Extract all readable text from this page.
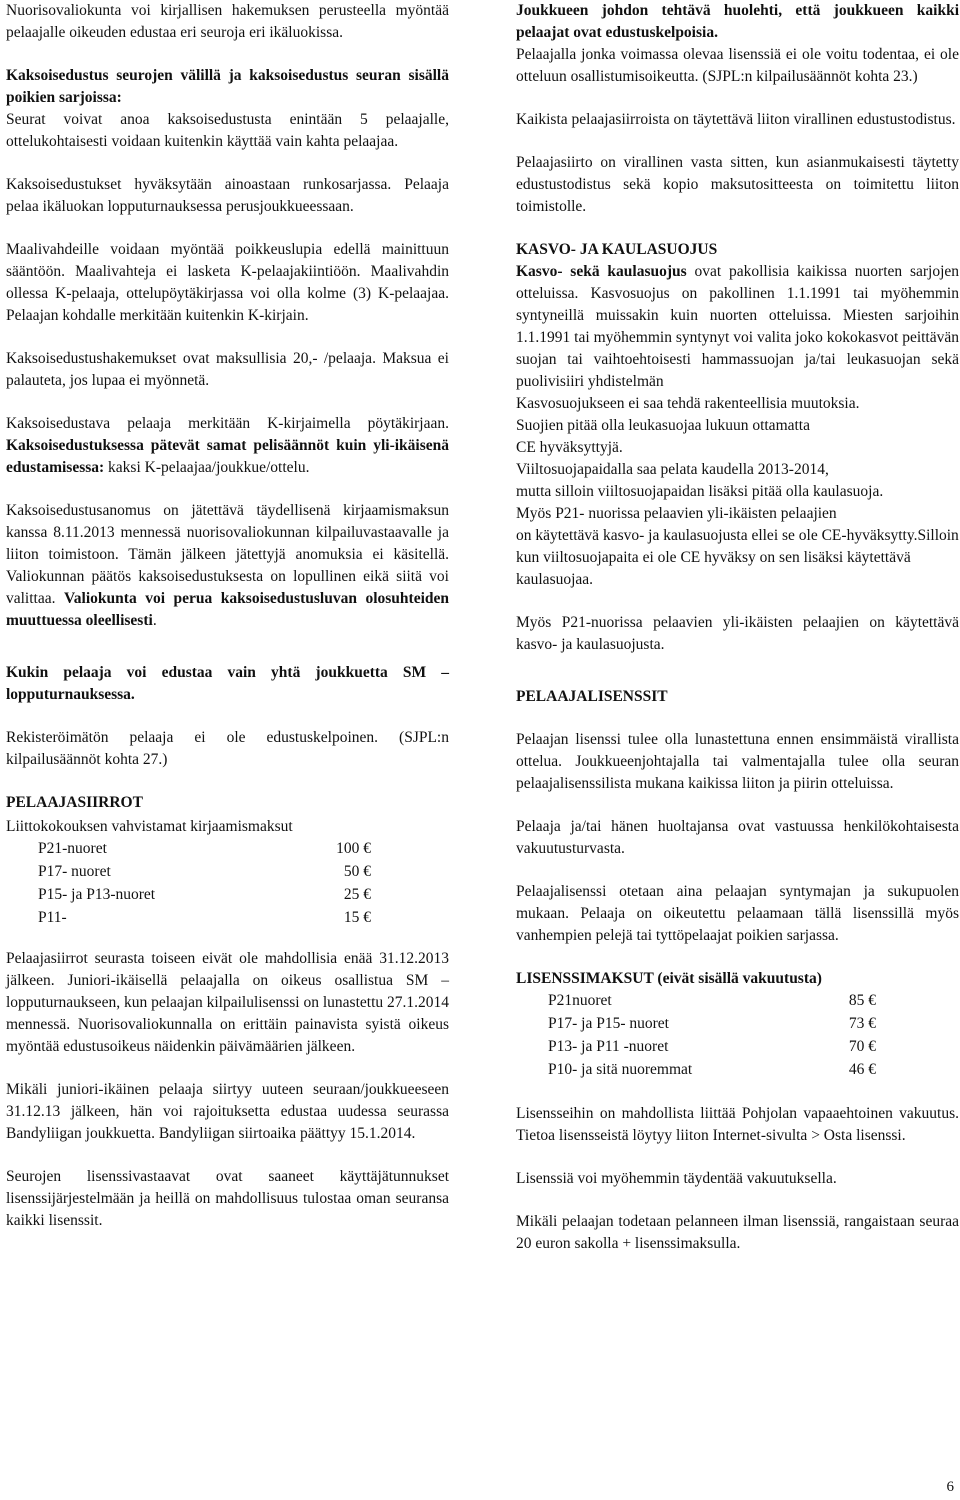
Nuorisovaliokunta voi kirjallisen hakemuksen perusteella myöntää pelaajalle oikeuden edustaa eri seuroja eri ikäluokissa.

Kaksoisedustus seurojen välillä ja kaksoisedustus seuran sisällä poikien sarjoissa:
Seurat voivat anoa kaksoisedustusta enintään 5 pelaajalle, ottelukohtaisesti voidaan kuitenkin käyttää vain kahta pelaajaa.

Kaksoisedustukset hyväksytään ainoastaan runkosarjassa. Pelaaja pelaa ikäluokan lopputurnauksessa perusjoukkueessaan.

Maalivahdeille voidaan myöntää poikkeuslupia edellä mainittuun sääntöön. Maalivahteja ei lasketa K-pelaajakiintiöön. Maalivahdin ollessa K-pelaaja, ottelupöytäkirjassa voi olla kolme (3) K-pelaajaa. Pelaajan kohdalle merkitään kuitenkin K-kirjain.

Kaksoisedustushakemukset ovat maksullisia 20,- /pelaaja. Maksua ei palauteta, jos lupaa ei myönnetä.

Kaksoisedustava pelaaja merkitään K-kirjaimella pöytäkirjaan. Kaksoisedustuksessa pätevät samat pelisäännöt kuin yli-ikäisenä edustamisessa: kaksi K-pelaajaa/joukkue/ottelu.

Kaksoisedustusanomus on jätettävä täydellisenä kirjaamismaksun kanssa 8.11.2013 mennessä nuorisovaliokunnan kilpailuvastaavalle ja liiton toimistoon. Tämän jälkeen jätettyjä anomuksia ei käsitellä. Valiokunnan päätös kaksoisedustuksesta on lopullinen eikä siitä voi valittaa. Valiokunta voi perua kaksoisedustusluvan olosuhteiden muuttuessa oleellisesti.

Kukin pelaaja voi edustaa vain yhtä joukkuetta SM – lopputurnauksessa.

Rekisteröimätön pelaaja ei ole edustuskelpoinen. (SJPL:n kilpailusäännöt kohta 27.)

PELAAJASIIRROT

Liittokokouksen vahvistamat kirjaamismaksut

P21-nuoret	100 €
P17- nuoret	50 €
P15- ja P13-nuoret	25 €
P11-	15 €

Pelaajasiirrot seurasta toiseen eivät ole mahdollisia enää 31.12.2013 jälkeen. Juniori-ikäisellä pelaajalla on oikeus osallistua SM –lopputurnaukseen, kun pelaajan kilpailulisenssi on lunastettu 27.1.2014 mennessä. Nuorisovaliokunnalla on erittäin painavista syistä oikeus myöntää edustusoikeus näidenkin päivämäärien jälkeen.

Mikäli juniori-ikäinen pelaaja siirtyy uuteen seuraan/joukkueeseen 31.12.13 jälkeen, hän voi rajoituksetta edustaa uudessa seurassa Bandyliigan joukkuetta. Bandyliigan siirtoaika päättyy 15.1.2014.

Seurojen lisenssivastaavat ovat saaneet käyttäjätunnukset lisenssijärjestelmään ja heillä on mahdollisuus tulostaa oman seuransa kaikki lisenssit.

Joukkueen johdon tehtävä huolehti, että joukkueen kaikki pelaajat ovat edustuskelpoisia.

Pelaajalla jonka voimassa olevaa lisenssiä ei ole voitu todentaa, ei ole otteluun osallistumisoikeutta. (SJPL:n kilpailusäännöt kohta 23.)

Kaikista pelaajasiirroista on täytettävä liiton virallinen edustustodistus.

Pelaajasiirto on virallinen vasta sitten, kun asianmukaisesti täytetty edustustodistus sekä kopio maksutositteesta on toimitettu liiton toimistolle.

KASVO- JA KAULASUOJUS

Kasvo- sekä kaulasuojus ovat pakollisia kaikissa nuorten sarjojen otteluissa. Kasvosuojus on pakollinen 1.1.1991 tai myöhemmin syntyneillä muissakin kuin nuorten otteluissa. Miesten sarjoihin 1.1.1991 tai myöhemmin syntynyt voi valita joko kokokasvot peittävän suojan tai vaihtoehtoisesti hammassuojan ja/tai leukasuojan sekä puolivisiiri yhdistelmän

Kasvosuojukseen ei saa tehdä rakenteellisia muutoksia.

Suojien pitää olla leukasuojaa lukuun ottamatta

CE hyväksyttyjä.

Viiltosuojapaidalla saa pelata kaudella 2013-2014,

mutta silloin viiltosuojapaidan lisäksi pitää olla kaulasuoja.

Myös P21- nuorissa pelaavien yli-ikäisten pelaajien

on käytettävä kasvo- ja kaulasuojusta ellei se ole CE-hyväksytty.Silloin kun viiltosuojapaita ei ole CE hyväksy on sen lisäksi käytettävä kaulasuojaa.

Myös P21-nuorissa pelaavien yli-ikäisten pelaajien on käytettävä kasvo- ja kaulasuojusta.

PELAAJALISENSSIT

Pelaajan lisenssi tulee olla lunastettuna ennen ensimmäistä virallista ottelua. Joukkueenjohtajalla tai valmentajalla tulee olla seuran pelaajalisenssilista mukana kaikissa liiton ja piirin otteluissa.

Pelaaja ja/tai hänen huoltajansa ovat vastuussa henkilökohtaisesta vakuutusturvasta.

Pelaajalisenssi otetaan aina pelaajan syntymajan ja sukupuolen mukaan. Pelaaja on oikeutettu pelaamaan tällä lisenssillä myös vanhempien pelejä tai tyttöpelaajat poikien sarjassa.

LISENSSIMAKSUT (eivät sisällä vakuutusta)

P21nuoret	85 €
P17- ja P15- nuoret	73 €
P13- ja P11 -nuoret	70 €
P10- ja sitä nuoremmat	46 €

Lisensseihin on mahdollista liittää Pohjolan vapaaehtoinen vakuutus. Tietoa lisensseistä löytyy liiton Internet-sivulta > Osta lisenssi.

Lisenssiä voi myöhemmin täydentää vakuutuksella.

Mikäli pelaajan todetaan pelanneen ilman lisenssiä, rangaistaan seuraa 20 euron sakolla + lisenssimaksulla.

6
